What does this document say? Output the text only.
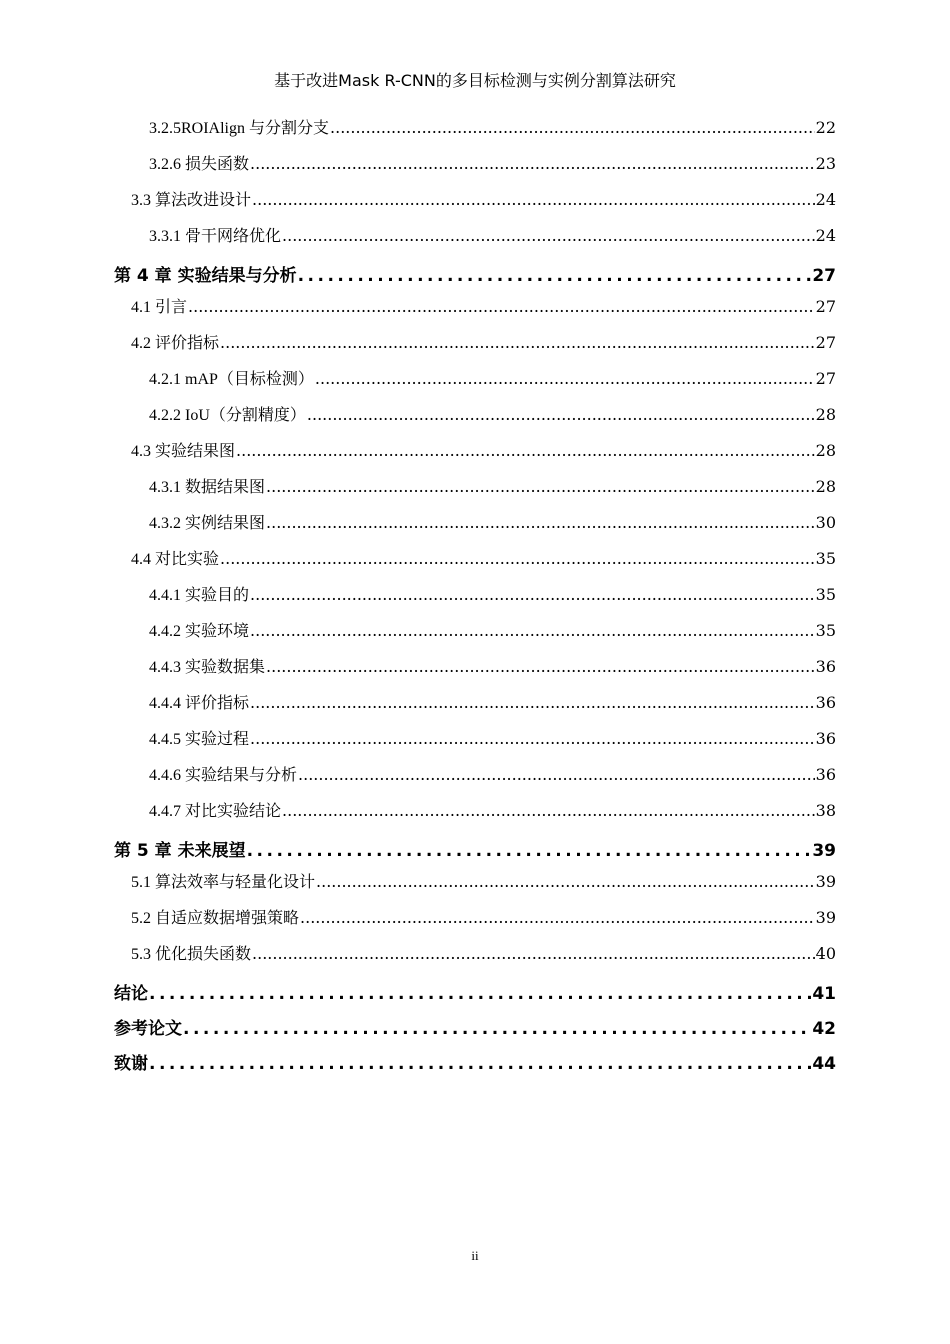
基于改进Mask R-CNN的多目标检测与实例分割算法研究
3.2.5ROIAlign 与分割分支 .....	22
3.2.6 损失函数 .....	23
3.3 算法改进设计 .....	24
3.3.1 骨干网络优化 .....	24
第 4 章 实验结果与分析 .....	27
4.1 引言 .....	27
4.2 评价指标 .....	27
4.2.1 mAP（目标检测） .....	27
4.2.2 IoU（分割精度） .....	28
4.3 实验结果图 .....	28
4.3.1 数据结果图 .....	28
4.3.2 实例结果图 .....	30
4.4 对比实验 .....	35
4.4.1 实验目的 .....	35
4.4.2 实验环境 .....	35
4.4.3 实验数据集 .....	36
4.4.4 评价指标 .....	36
4.4.5 实验过程 .....	36
4.4.6 实验结果与分析 .....	36
4.4.7 对比实验结论 .....	38
第 5 章 未来展望 .....	39
5.1 算法效率与轻量化设计 .....	39
5.2 自适应数据增强策略 .....	39
5.3 优化损失函数 .....	40
结论 .....	41
参考论文 .....	42
致谢 .....	44
ii
